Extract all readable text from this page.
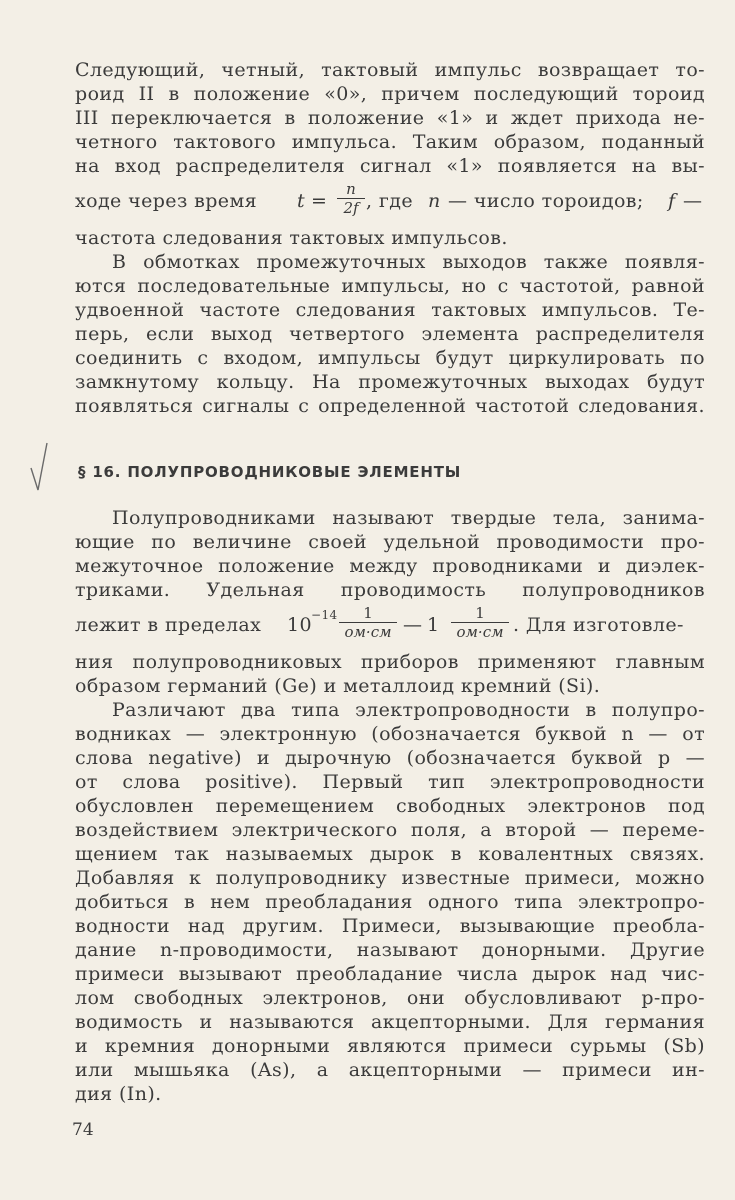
Следующий, четный, тактовый импульс возвращает то-
роид II в положение «0», причем последующий тороид
III переключается в положение «1» и ждет прихода не-
четного тактового импульса. Таким образом, поданный
на вход распределителя сигнал «1» появляется на вы-
ходе через время $t = \frac{n}{2f}$ , где n — число тороидов; f —
частота следования тактовых импульсов.
В обмотках промежуточных выходов также появля-
ются последовательные импульсы, но с частотой, равной
удвоенной частоте следования тактовых импульсов. Те-
перь, если выход четвертого элемента распределителя
соединить с входом, импульсы будут циркулировать по
замкнутому кольцу. На промежуточных выходах будут
появляться сигналы с определенной частотой следования.
§ 16. ПОЛУПРОВОДНИКОВЫЕ ЭЛЕМЕНТЫ
Полупроводниками называют твердые тела, занима-
ющие по величине своей удельной проводимости про-
межуточное положение между проводниками и диэлек-
триками. Удельная проводимость полупроводников
лежит в пределах 10 −14	1
ом·см — 1
1
ом·см . Для изготовле-
ния полупроводниковых приборов применяют главным
образом германий (Ge) и металлоид кремний (Si).
Различают два типа электропроводности в полупро-
водниках — электронную (обозначается буквой n — от
слова negative) и дырочную (обозначается буквой p —
от слова positive). Первый тип электропроводности
обусловлен перемещением свободных электронов под
воздействием электрического поля, а второй — переме-
щением так называемых дырок в ковалентных связях.
Добавляя к полупроводнику известные примеси, можно
добиться в нем преобладания одного типа электропро-
водности над другим. Примеси, вызывающие преобла-
дание n-проводимости, называют донорными. Другие
примеси вызывают преобладание числа дырок над чис-
лом свободных электронов, они обусловливают p-про-
водимость и называются акцепторными. Для германия
и кремния донорными являются примеси сурьмы (Sb)
или мышьяка (As), а акцепторными — примеси ин-
дия (In).
74
